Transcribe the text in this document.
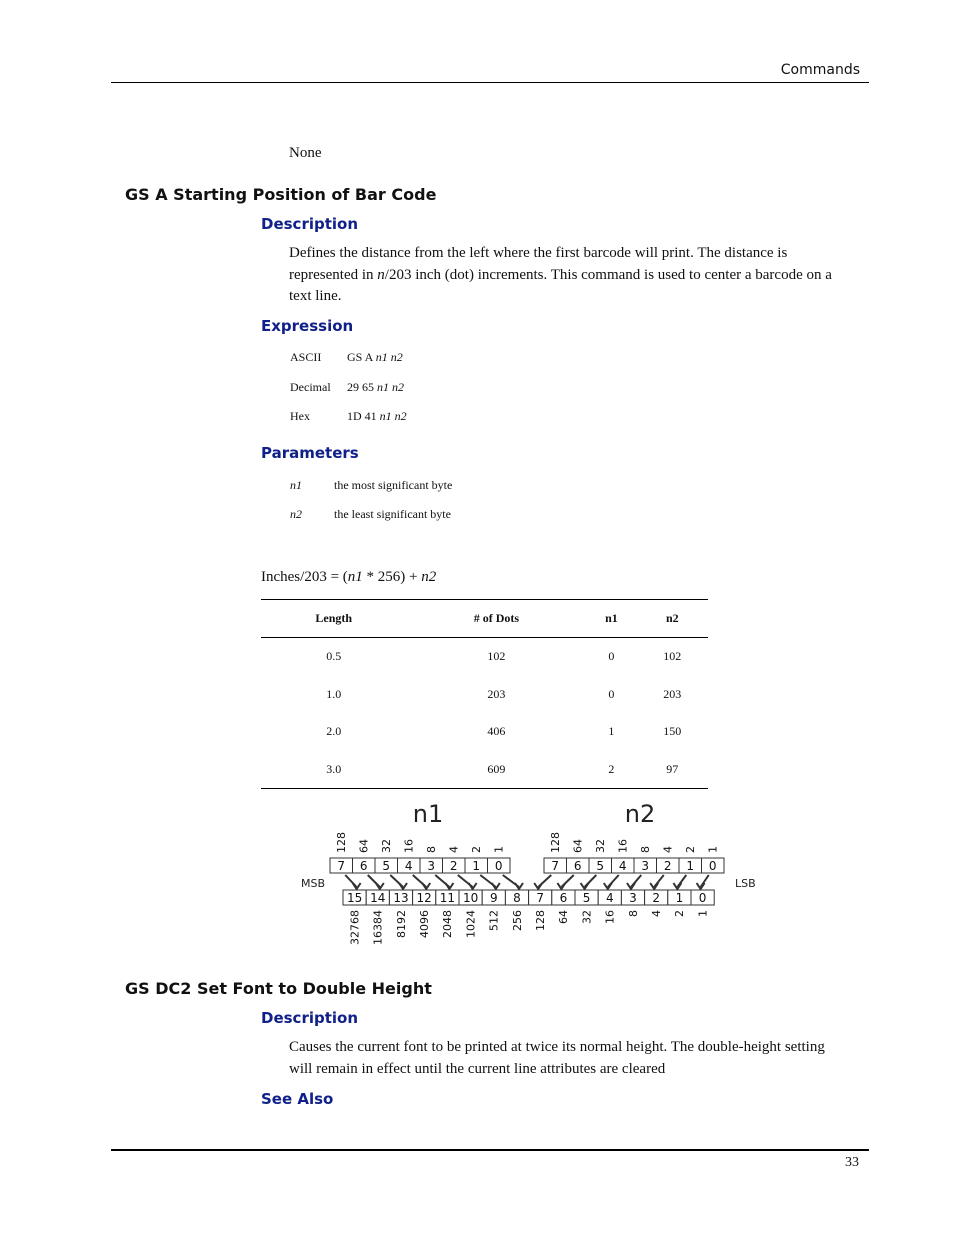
Commands
None
GS A Starting Position of Bar Code
Description
Defines the distance from the left where the first barcode will print. The distance is represented in n/203 inch (dot) increments. This command is used to center a barcode on a text line.
Expression
ASCII GS A n1 n2
Decimal 29 65 n1 n2
Hex	1D 41 n1 n2
Parameters
n1	the most significant byte
n2	the least significant byte
Inches/203 = (n1 * 256) + n2
Length	# of Dots	n1	n2
0.5	102	0	102
1.0	203	0	203
2.0	406	1	150
3.0	609	2	97
n1	n2
7
128
6
64
5
32
4
16
3
8
2
4
1
2
0
1
7
128
6
64
5
32
4
16
3
8
2
4
1
2
0
1
15
32768
14
16384
13
8192
12
4096
11
2048
10
1024
9
512
8
256
7
128
6
64
5
32
4
16
3
8
2
4
1
2
0
1
MSB	LSB
GS DC2 Set Font to Double Height
Description
Causes the current font to be printed at twice its normal height. The double-height setting will remain in effect until the current line attributes are cleared
See Also
33
